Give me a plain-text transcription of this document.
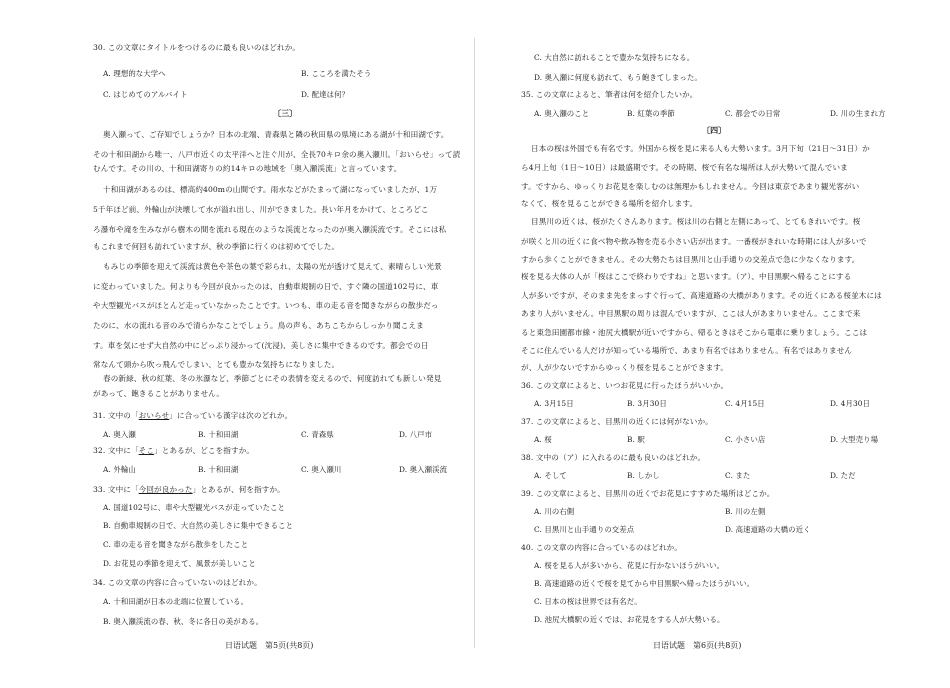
30. この文章にタイトルをつけるのに最も良いのはどれか。
A. 理想的な大学へ	B. こころを満たそう
C. はじめてのアルバイト	D. 配達は何？
〔三〕
奥入瀬って、ご存知でしょうか？日本の北端、青森県と隣の秋田県の県境にある湖が十和田湖です。
その十和田湖から唯一、八戸市近くの太平洋へと注ぐ川が、全長70キロ余の奥入瀬川。「おいらせ」って読
むんです。その川の、十和田湖寄りの約14キロの地域を「奥入瀬渓流」と言っています。
十和田湖があるのは、標高約400mの山間です。雨水などがたまって湖になっていましたが、1万
5千年ほど前、外輪山が決壊して水が溢れ出し、川ができました。長い年月をかけて、ところどこ
ろ瀑布や滝を生みながら樹木の間を流れる現在のような渓流となったのが奥入瀬渓流です。そこには私
もこれまで何回も訪れていますが、秋の季節に行くのは初めてでした。
もみじの季節を迎えて渓流は黄色や茶色の葉で彩られ、太陽の光が透けて見えて、素晴らしい光景
に変わっていました。何よりも今回が良かったのは、自動車規制の日で、すぐ隣の国道102号に、車
や大型観光バスがほとんど走っていなかったことです。いつも、車の走る音を聞きながらの散歩だっ
たのに、水の流れる音のみで清らかなことでしょう。鳥の声も、あちこちからしっかり聞こえま
す。車を気にせず大自然の中にどっぷり浸かって(沈浸)、美しさに集中できるのです。都会での日
常なんて頭から吹っ飛んでしまい、とても豊かな気持ちになりました。
春の新緑、秋の紅葉、冬の氷瀑など、季節ごとにその表情を変えるので、何度訪れても新しい発見
があって、飽きることがありません。
31. 文中の「おいらせ」に合っている漢字は次のどれか。
A. 奥入瀬	B. 十和田湖	C. 青森県	D. 八戸市
32. 文中に「そこ」とあるが、どこを指すか。
A. 外輪山	B. 十和田湖	C. 奥入瀬川	D. 奥入瀬渓流
33. 文中に「今回が良かった」とあるが、何を指すか。
A. 国道102号に、車や大型観光バスが走っていたこと
B. 自動車規制の日で、大自然の美しさに集中できること
C. 車の走る音を聞きながら散歩をしたこと
D. お花見の季節を迎えて、風景が美しいこと
34. この文章の内容に合っていないのはどれか。
A. 十和田湖が日本の北端に位置している。
B. 奥入瀬渓流の春、秋、冬に各日の美がある。
日语试题　第5页(共8页)
C. 大自然に訪れることで豊かな気持ちになる。
D. 奥入瀬に何度も訪れて、もう飽きてしまった。
35. この文章によると、筆者は何を紹介したいか。
A. 奥入瀬のこと	B. 紅葉の季節	C. 都会での日常	D. 川の生まれ方
〔四〕
日本の桜は外国でも有名です。外国から桜を見に来る人も大勢います。3月下旬（21日～31日）か
ら4月上旬（1日～10日）は最盛期です。その時期、桜で有名な場所は人が大勢いて混んでいま
す。ですから、ゆっくりお花見を楽しむのは無理かもしれません。今回は東京であまり観光客がい
なくて、桜を見ることができる場所を紹介します。
目黒川の近くは、桜がたくさんあります。桜は川の右側と左側にあって、とてもきれいです。桜
が咲くと川の近くに食べ物や飲み物を売る小さい店が出ます。一番桜がきれいな時期には人が多いで
すから歩くことができません。その大勢たちは目黒川と山手通りの交差点で急に少なくなります。
桜を見る大体の人が「桜はここで終わりですね」と思います。（ア）、中目黒駅へ帰ることにする
人が多いですが、そのまま先をまっすぐ行って、高速道路の大橋があります。その近くにある桜並木には
あまり人がいません。中目黒駅の周りは混んでいますが、ここは人があまりいません。ここまで来
ると東急田園都市線・池尻大橋駅が近いですから、帰るときはそこから電車に乗りましょう。ここは
そこに住んでいる人だけが知っている場所で、あまり有名ではありません。有名ではありません
が、人が少ないですからゆっくり桜を見ることができます。
36. この文章によると、いつお花見に行ったほうがいいか。
A. 3月15日	B. 3月30日	C. 4月15日	D. 4月30日
37. この文章によると、目黒川の近くには何がないか。
A. 桜	B. 駅	C. 小さい店	D. 大型売り場
38. 文中の（ア）に入れるのに最も良いのはどれか。
A. そして	B. しかし	C. また	D. ただ
39. この文章によると、目黒川の近くでお花見にすすめた場所はどこか。
A. 川の右側	B. 川の左側
C. 目黒川と山手通りの交差点	D. 高速道路の大橋の近く
40. この文章の内容に合っているのはどれか。
A. 桜を見る人が多いから、花見に行かないほうがいい。
B. 高速道路の近くで桜を見てから中目黒駅へ帰ったほうがいい。
C. 日本の桜は世界では有名だ。
D. 池尻大橋駅の近くでは、お花見をする人が大勢いる。
日语试题　第6页(共8页)
